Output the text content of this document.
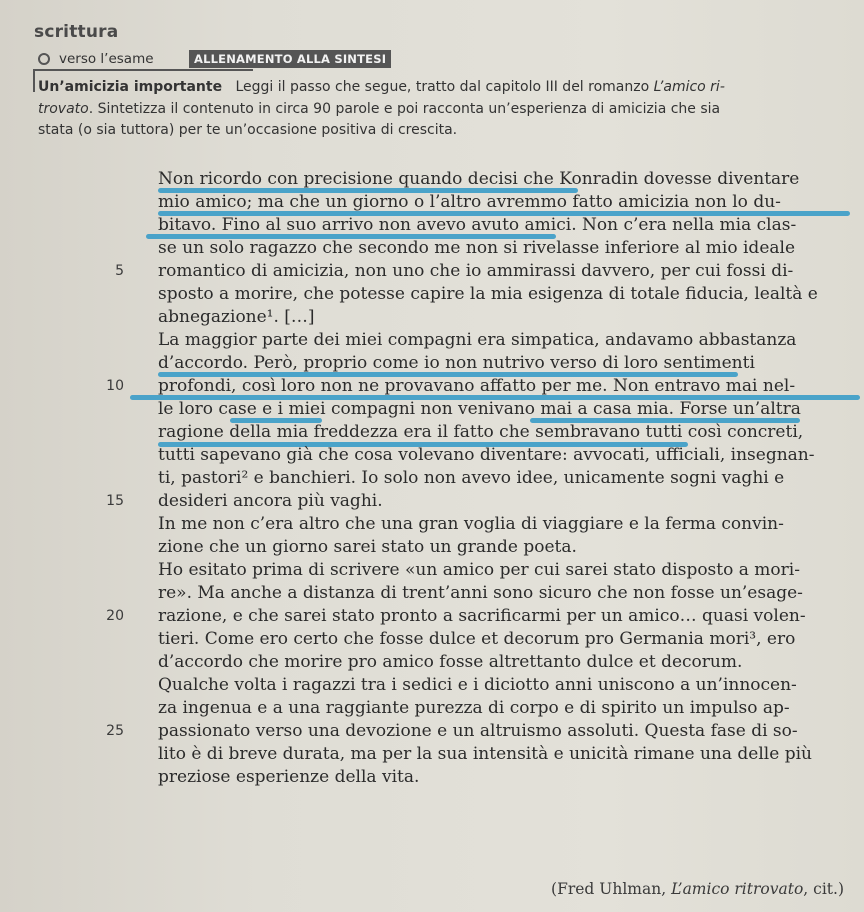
scrittura
verso l’esame	ALLENAMENTO ALLA SINTESI
Un’amicizia importante Leggi il passo che segue, tratto dal capitolo III del romanzo L’amico ri-
trovato. Sintetizza il contenuto in circa 90 parole e poi racconta un’esperienza di amicizia che sia
stata (o sia tuttora) per te un’occasione positiva di crescita.
Non ricordo con precisione quando decisi che Konradin dovesse diventare
mio amico; ma che un giorno o l’altro avremmo fatto amicizia non lo du-
bitavo. Fino al suo arrivo non avevo avuto amici. Non c’era nella mia clas-
se un solo ragazzo che secondo me non si rivelasse inferiore al mio ideale
romantico di amicizia, non uno che io ammirassi davvero, per cui fossi di-
5
sposto a morire, che potesse capire la mia esigenza di totale fiducia, lealtà e
abnegazione¹. […]
La maggior parte dei miei compagni era simpatica, andavamo abbastanza
d’accordo. Però, proprio come io non nutrivo verso di loro sentimenti
profondi, così loro non ne provavano affatto per me. Non entravo mai nel-
10
le loro case e i miei compagni non venivano mai a casa mia. Forse un’altra
ragione della mia freddezza era il fatto che sembravano tutti così concreti,
tutti sapevano già che cosa volevano diventare: avvocati, ufficiali, insegnan-
ti, pastori² e banchieri. Io solo non avevo idee, unicamente sogni vaghi e
desideri ancora più vaghi.
15
In me non c’era altro che una gran voglia di viaggiare e la ferma convin-
zione che un giorno sarei stato un grande poeta.
Ho esitato prima di scrivere «un amico per cui sarei stato disposto a mori-
re». Ma anche a distanza di trent’anni sono sicuro che non fosse un’esage-
razione, e che sarei stato pronto a sacrificarmi per un amico… quasi volen-
20
tieri. Come ero certo che fosse dulce et decorum pro Germania mori³, ero
d’accordo che morire pro amico fosse altrettanto dulce et decorum.
Qualche volta i ragazzi tra i sedici e i diciotto anni uniscono a un’innocen-
za ingenua e a una raggiante purezza di corpo e di spirito un impulso ap-
passionato verso una devozione e un altruismo assoluti. Questa fase di so-
25
lito è di breve durata, ma per la sua intensità e unicità rimane una delle più
preziose esperienze della vita.
(Fred Uhlman, L’amico ritrovato, cit.)
